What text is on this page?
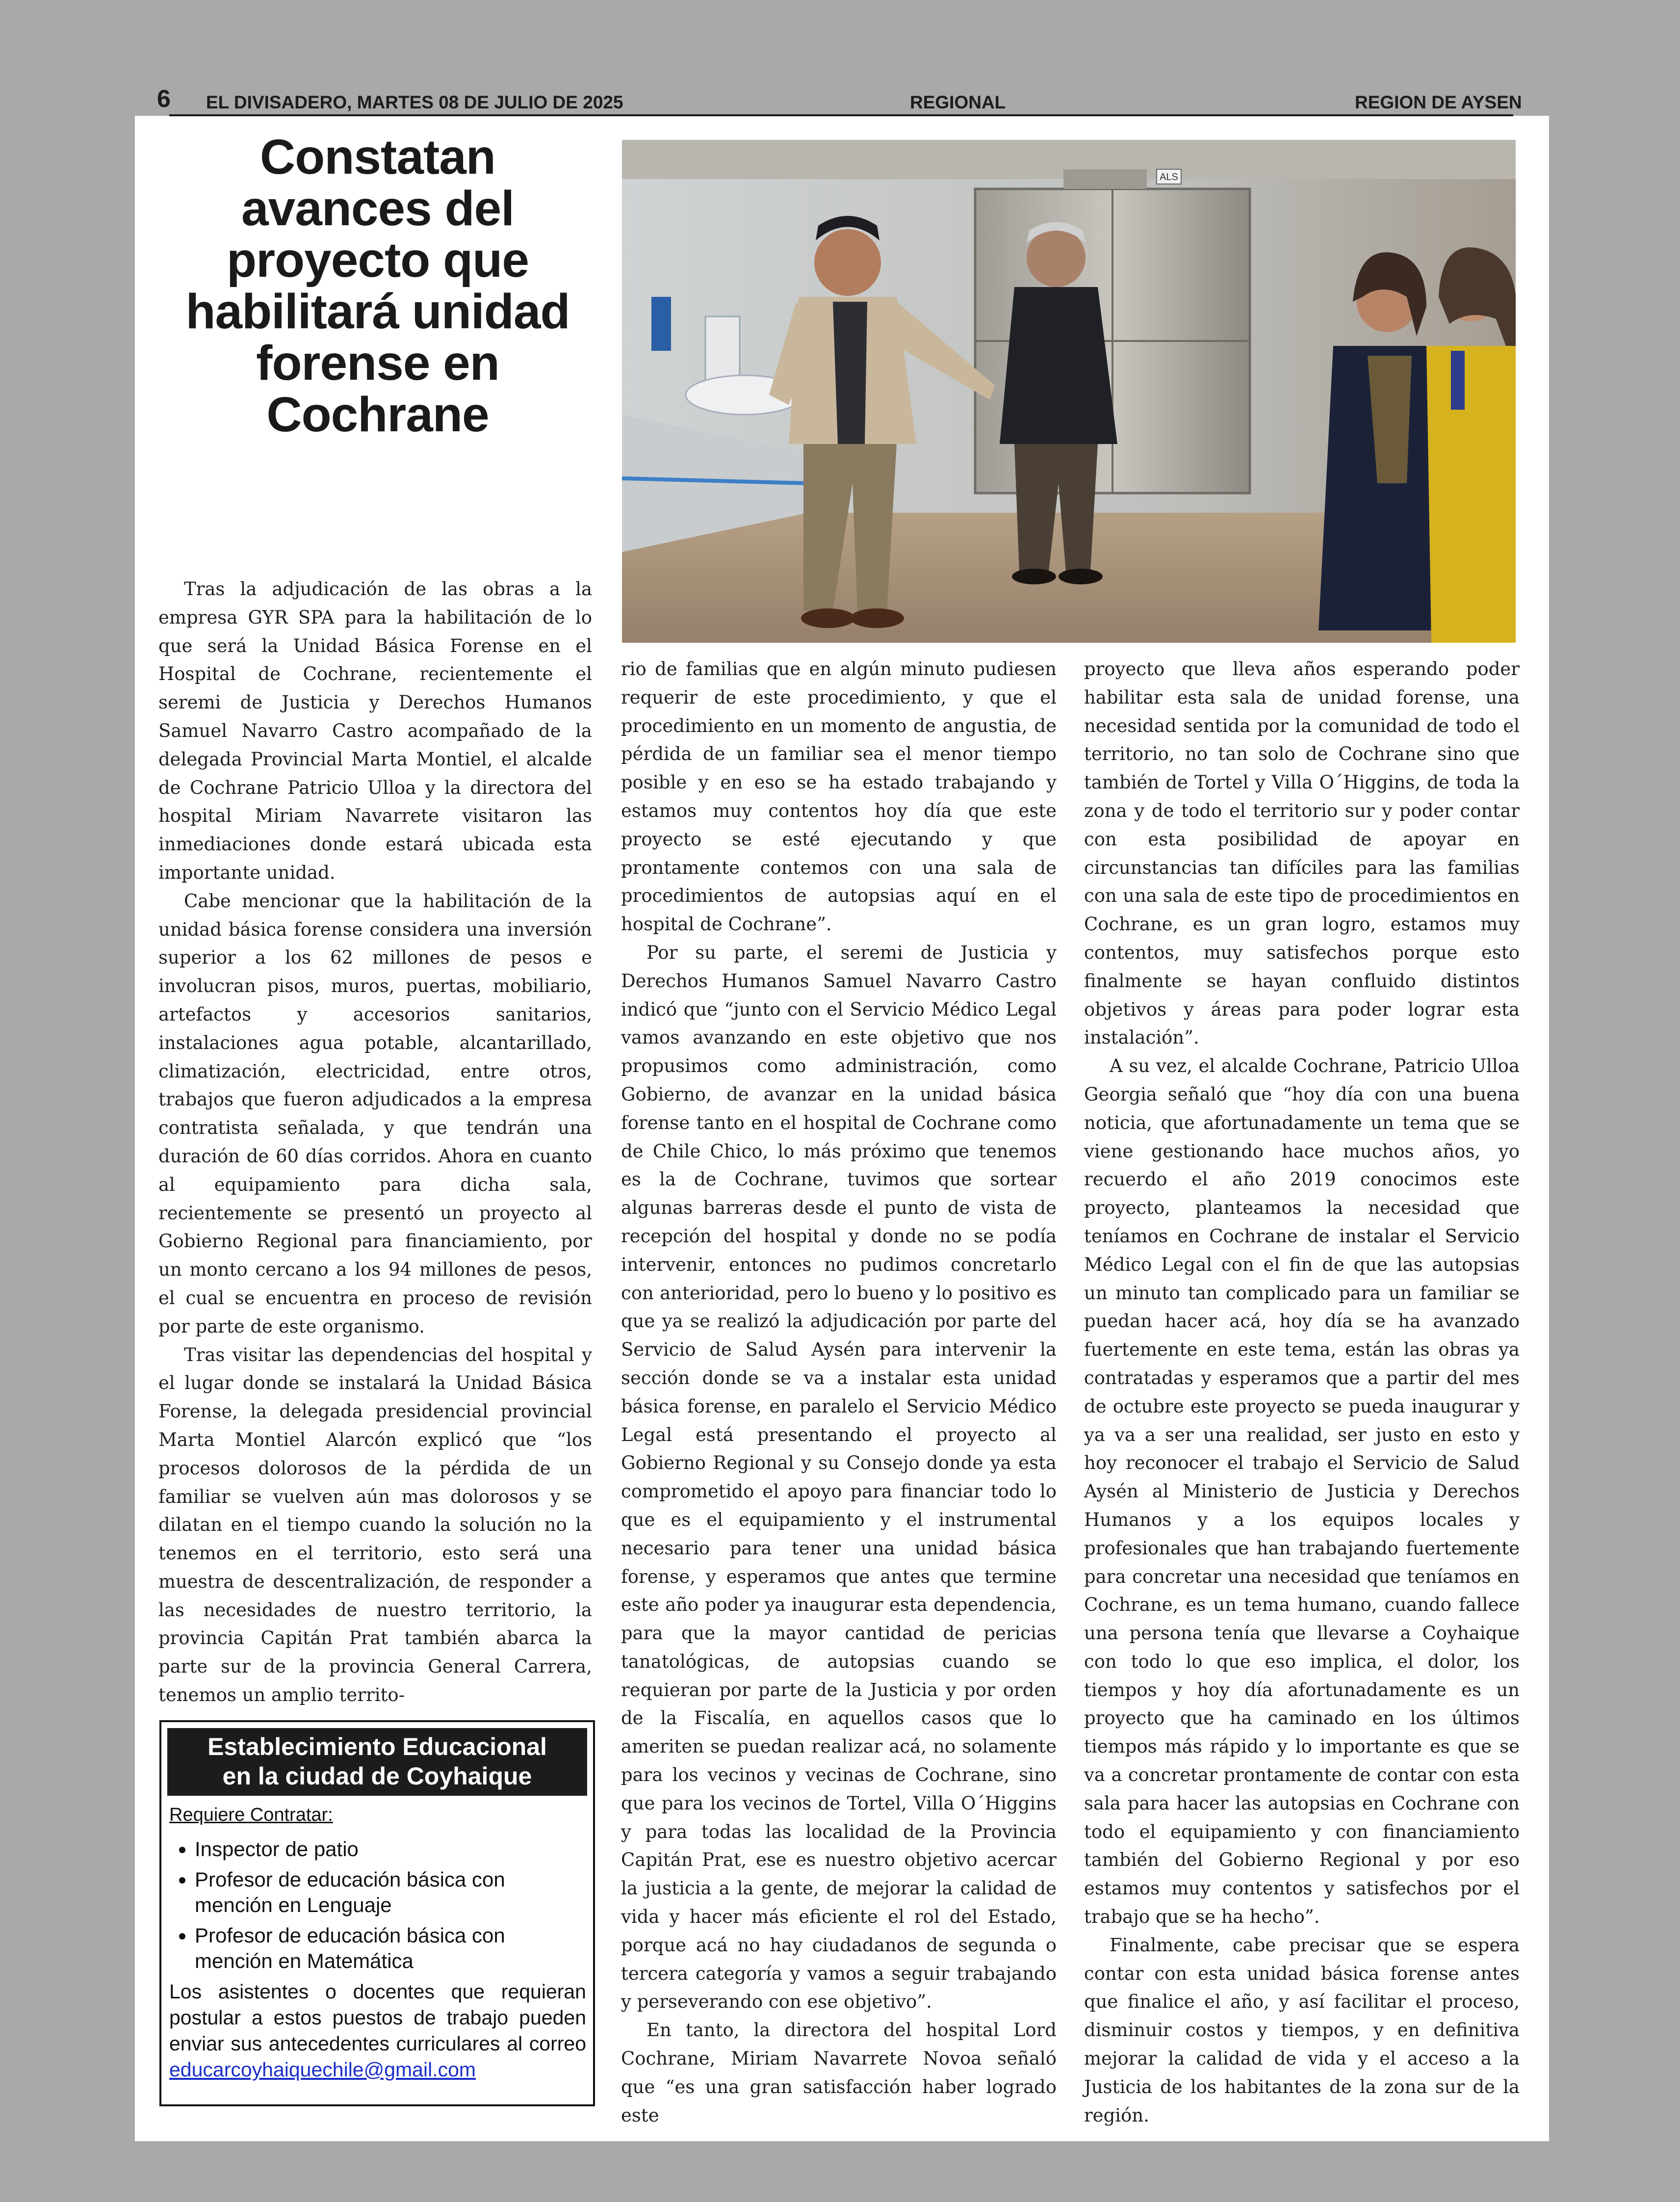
6 EL DIVISADERO, MARTES 08 DE JULIO DE 2025	REGIONAL	REGION DE AYSEN
Constatan avances del proyecto que habilitará unidad forense en Cochrane
ALS

Tras la adjudicación de las obras a la empresa GYR SPA para la habilitación de lo que será la Unidad Básica Forense en el Hospital de Cochrane, recientemente el seremi de Justicia y Derechos Humanos Samuel Navarro Castro acompañado de la delegada Provincial Marta Montiel, el alcalde de Cochrane Patricio Ulloa y la directora del hospital Miriam Navarrete visitaron las inmediaciones donde estará ubicada esta importante unidad.

Cabe mencionar que la habilitación de la unidad básica forense considera una inversión superior a los 62 millones de pesos e involucran pisos, muros, puertas, mobiliario, artefactos y accesorios sanitarios, instalaciones agua potable, alcantarillado, climatización, electricidad, entre otros, trabajos que fueron adjudicados a la empresa contratista señalada, y que tendrán una duración de 60 días corridos. Ahora en cuanto al equipamiento para dicha sala, recientemente se presentó un proyecto al Gobierno Regional para financiamiento, por un monto cercano a los 94 millones de pesos, el cual se encuentra en proceso de revisión por parte de este organismo.

Tras visitar las dependencias del hospital y el lugar donde se instalará la Unidad Básica Forense, la delegada presidencial provincial Marta Montiel Alarcón explicó que “los procesos dolorosos de la pérdida de un familiar se vuelven aún mas dolorosos y se dilatan en el tiempo cuando la solución no la tenemos en el territorio, esto será una muestra de descentralización, de responder a las necesidades de nuestro territorio, la provincia Capitán Prat también abarca la parte sur de la provincia General Carrera, tenemos un amplio territo-

rio de familias que en algún minuto pudiesen requerir de este procedimiento, y que el procedimiento en un momento de angustia, de pérdida de un familiar sea el menor tiempo posible y en eso se ha estado trabajando y estamos muy contentos hoy día que este proyecto se esté ejecutando y que prontamente contemos con una sala de procedimientos de autopsias aquí en el hospital de Cochrane”.

Por su parte, el seremi de Justicia y Derechos Humanos Samuel Navarro Castro indicó que “junto con el Servicio Médico Legal vamos avanzando en este objetivo que nos propusimos como administración, como Gobierno, de avanzar en la unidad básica forense tanto en el hospital de Cochrane como de Chile Chico, lo más próximo que tenemos es la de Cochrane, tuvimos que sortear algunas barreras desde el punto de vista de recepción del hospital y donde no se podía intervenir, entonces no pudimos concretarlo con anterioridad, pero lo bueno y lo positivo es que ya se realizó la adjudicación por parte del Servicio de Salud Aysén para intervenir la sección donde se va a instalar esta unidad básica forense, en paralelo el Servicio Médico Legal está presentando el proyecto al Gobierno Regional y su Consejo donde ya esta comprometido el apoyo para financiar todo lo que es el equipamiento y el instrumental necesario para tener una unidad básica forense, y esperamos que antes que termine este año poder ya inaugurar esta dependencia, para que la mayor cantidad de pericias tanatológicas, de autopsias cuando se requieran por parte de la Justicia y por orden de la Fiscalía, en aquellos casos que lo ameriten se puedan realizar acá, no solamente para los vecinos y vecinas de Cochrane, sino que para los vecinos de Tortel, Villa O´Higgins y para todas las localidad de la Provincia Capitán Prat, ese es nuestro objetivo acercar la justicia a la gente, de mejorar la calidad de vida y hacer más eficiente el rol del Estado, porque acá no hay ciudadanos de segunda o tercera categoría y vamos a seguir trabajando y perseverando con ese objetivo”.

En tanto, la directora del hospital Lord Cochrane, Miriam Navarrete Novoa señaló que “es una gran satisfacción haber logrado este

proyecto que lleva años esperando poder habilitar esta sala de unidad forense, una necesidad sentida por la comunidad de todo el territorio, no tan solo de Cochrane sino que también de Tortel y Villa O´Higgins, de toda la zona y de todo el territorio sur y poder contar con esta posibilidad de apoyar en circunstancias tan difíciles para las familias con una sala de este tipo de procedimientos en Cochrane, es un gran logro, estamos muy contentos, muy satisfechos porque esto finalmente se hayan confluido distintos objetivos y áreas para poder lograr esta instalación”.

A su vez, el alcalde Cochrane, Patricio Ulloa Georgia señaló que “hoy día con una buena noticia, que afortunadamente un tema que se viene gestionando hace muchos años, yo recuerdo el año 2019 conocimos este proyecto, planteamos la necesidad que teníamos en Cochrane de instalar el Servicio Médico Legal con el fin de que las autopsias un minuto tan complicado para un familiar se puedan hacer acá, hoy día se ha avanzado fuertemente en este tema, están las obras ya contratadas y esperamos que a partir del mes de octubre este proyecto se pueda inaugurar y ya va a ser una realidad, ser justo en esto y hoy reconocer el trabajo el Servicio de Salud Aysén al Ministerio de Justicia y Derechos Humanos y a los equipos locales y profesionales que han trabajando fuertemente para concretar una necesidad que teníamos en Cochrane, es un tema humano, cuando fallece una persona tenía que llevarse a Coyhaique con todo lo que eso implica, el dolor, los tiempos y hoy día afortunadamente es un proyecto que ha caminado en los últimos tiempos más rápido y lo importante es que se va a concretar prontamente de contar con esta sala para hacer las autopsias en Cochrane con todo el equipamiento y con financiamiento también del Gobierno Regional y por eso estamos muy contentos y satisfechos por el trabajo que se ha hecho”.

Finalmente, cabe precisar que se espera contar con esta unidad básica forense antes que finalice el año, y así facilitar el proceso, disminuir costos y tiempos, y en definitiva mejorar la calidad de vida y el acceso a la Justicia de los habitantes de la zona sur de la región.

Establecimiento Educacional
en la ciudad de Coyhaique
Requiere Contratar:
• Inspector de patio
• Profesor de educación básica con mención en Lenguaje
• Profesor de educación básica con mención en Matemática
Los asistentes o docentes que requieran postular a estos puestos de trabajo pueden enviar sus antecedentes curriculares al correo educarcoyhaiquechile@gmail.com
